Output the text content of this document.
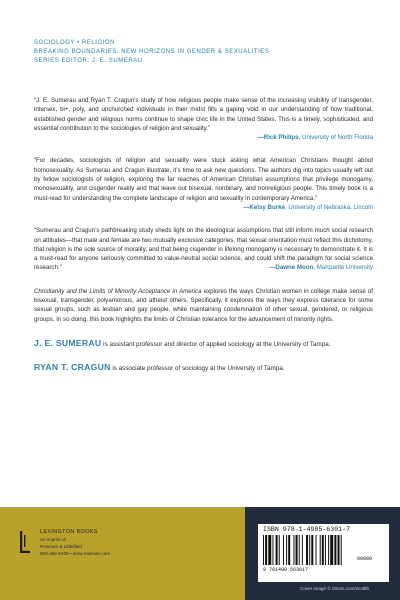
SOCIOLOGY • RELIGION
BREAKING BOUNDARIES: NEW HORIZONS IN GENDER & SEXUALITIES
SERIES EDITOR: J. E. SUMERAU
“J. E. Sumerau and Ryan T. Cragun’s study of how religious people make sense of the increasing visibility of transgender, intersex, bi+, poly, and unchurched individuals in their midst fills a gaping void in our understanding of how traditional, established gender and religious norms continue to shape civic life in the United States. This is a timely, sophisticated, and essential contribution to the sociologies of religion and sexuality.”
—Rick Philips, University of North Florida
“For decades, sociologists of religion and sexuality were stuck asking what American Christians thought about homosexuality. As Sumerau and Cragun illustrate, it’s time to ask new questions. The authors dig into topics usually left out by fellow sociologists of religion, exploring the far reaches of American Christian assumptions that privilege monogamy, monosexuality, and cisgender reality and that leave out bisexual, nonbinary, and nonreligious people. This timely book is a must-read for understanding the complete landscape of religion and sexuality in contemporary America.”
—Kelsy Burke, University of Nebraska, Lincoln
“Sumerau and Cragun’s pathbreaking study sheds light on the ideological assumptions that still inform much social research on attitudes—that male and female are two mutually exclusive categories, that sexual orientation must reflect this dichotomy, that religion is the sole source of morality, and that being cisgender in lifelong monogamy is necessary to demonstrate it. It is a must-read for anyone seriously committed to value-neutral social science, and could shift the paradigm for social science research.”	—Dawne Moon, Marquette University
Christianity and the Limits of Minority Acceptance in America explores the ways Christian women in college make sense of bisexual, transgender, polyamorous, and atheist others. Specifically, it explores the ways they express tolerance for some sexual groups, such as lesbian and gay people, while maintaining condemnation of other sexual, gendered, or religious groups. In so doing, this book highlights the limits of Christian tolerance for the advancement of minority rights.
J. E. SUMERAU is assistant professor and director of applied sociology at the University of Tampa.
RYAN T. CRAGUN is associate professor of sociology at the University of Tampa.
LEXINGTON BOOKS
An imprint of
Rowman & Littlefield
800-462-6420 • www.rowman.com
ISBN 978-1-4985-6301-7
9 781498 563017
90000
Cover image © iStock.com/scottlb
